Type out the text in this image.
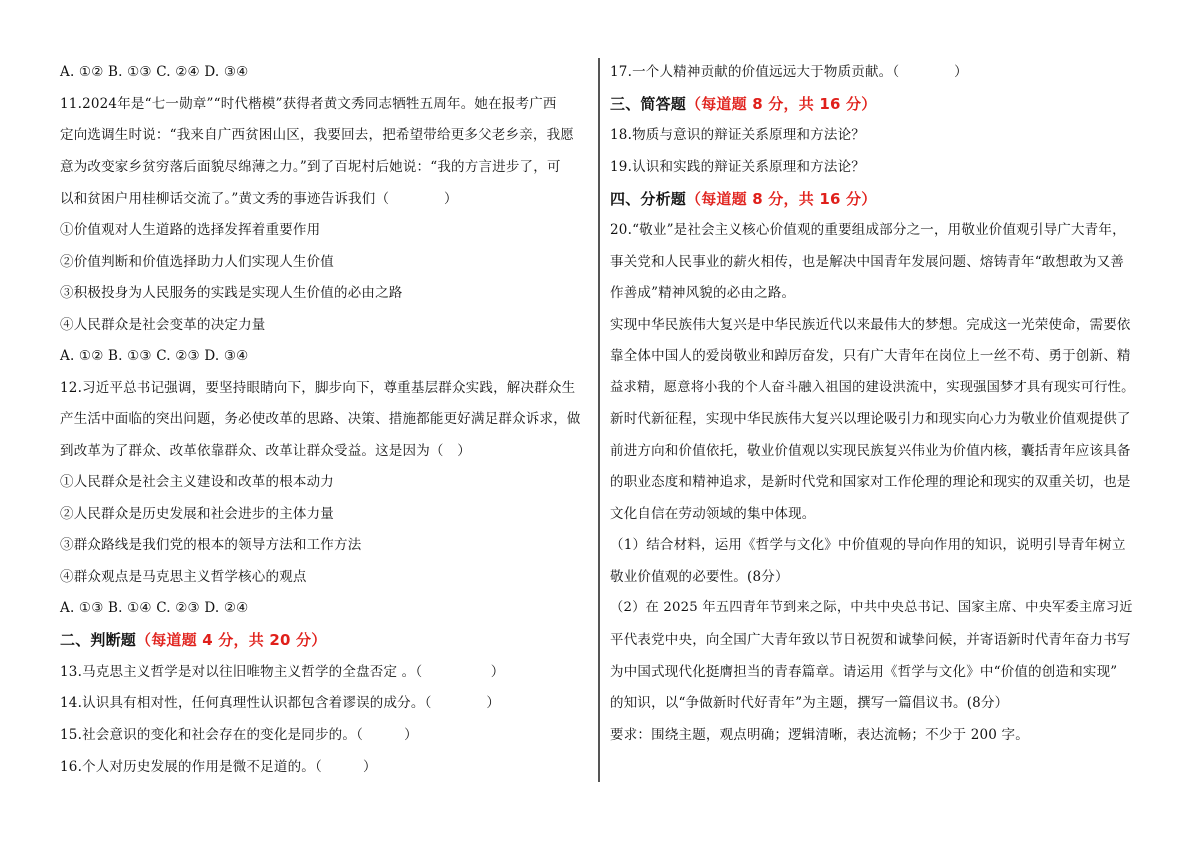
A. ①② B. ①③ C. ②④ D. ③④
11.2024年是“七一勋章”“时代楷模”获得者黄文秀同志牺牲五周年。她在报考广西
定向选调生时说：“我来自广西贫困山区，我要回去，把希望带给更多父老乡亲，我愿
意为改变家乡贫穷落后面貌尽绵薄之力。”到了百坭村后她说：“我的方言进步了，可
以和贫困户用桂柳话交流了。”黄文秀的事迹告诉我们（　　　　）
①价值观对人生道路的选择发挥着重要作用
②价值判断和价值选择助力人们实现人生价值
③积极投身为人民服务的实践是实现人生价值的必由之路
④人民群众是社会变革的决定力量
A. ①② B. ①③ C. ②③ D. ③④
12.习近平总书记强调，要坚持眼睛向下，脚步向下，尊重基层群众实践，解决群众生
产生活中面临的突出问题，务必使改革的思路、决策、措施都能更好满足群众诉求，做
到改革为了群众、改革依靠群众、改革让群众受益。这是因为（　）
①人民群众是社会主义建设和改革的根本动力
②人民群众是历史发展和社会进步的主体力量
③群众路线是我们党的根本的领导方法和工作方法
④群众观点是马克思主义哲学核心的观点
A. ①③ B. ①④ C. ②③ D. ②④
二、判断题（每道题 4 分，共 20 分）
13.马克思主义哲学是对以往旧唯物主义哲学的全盘否定 。（　　　　　）
14.认识具有相对性，任何真理性认识都包含着谬误的成分。（　　　　）
15.社会意识的变化和社会存在的变化是同步的。（　　　）
16.个人对历史发展的作用是微不足道的。（　　　）
17.一个人精神贡献的价值远远大于物质贡献。（　　　　）
三、简答题（每道题 8 分，共 16 分）
18.物质与意识的辩证关系原理和方法论？
19.认识和实践的辩证关系原理和方法论？
四、分析题（每道题 8 分，共 16 分）
20.“敬业”是社会主义核心价值观的重要组成部分之一，用敬业价值观引导广大青年，
事关党和人民事业的薪火相传，也是解决中国青年发展问题、熔铸青年“敢想敢为又善
作善成”精神风貌的必由之路。
实现中华民族伟大复兴是中华民族近代以来最伟大的梦想。完成这一光荣使命，需要依
靠全体中国人的爱岗敬业和踔厉奋发，只有广大青年在岗位上一丝不苟、勇于创新、精
益求精，愿意将小我的个人奋斗融入祖国的建设洪流中，实现强国梦才具有现实可行性。
新时代新征程，实现中华民族伟大复兴以理论吸引力和现实向心力为敬业价值观提供了
前进方向和价值依托，敬业价值观以实现民族复兴伟业为价值内核，囊括青年应该具备
的职业态度和精神追求，是新时代党和国家对工作伦理的理论和现实的双重关切，也是
文化自信在劳动领域的集中体现。
（1）结合材料，运用《哲学与文化》中价值观的导向作用的知识，说明引导青年树立
敬业价值观的必要性。(8分）
（2）在 2025 年五四青年节到来之际，中共中央总书记、国家主席、中央军委主席习近
平代表党中央，向全国广大青年致以节日祝贺和诚挚问候，并寄语新时代青年奋力书写
为中国式现代化挺膺担当的青春篇章。请运用《哲学与文化》中“价值的创造和实现”
的知识，以“争做新时代好青年”为主题，撰写一篇倡议书。(8分）
要求：围绕主题，观点明确；逻辑清晰，表达流畅；不少于 200 字。
